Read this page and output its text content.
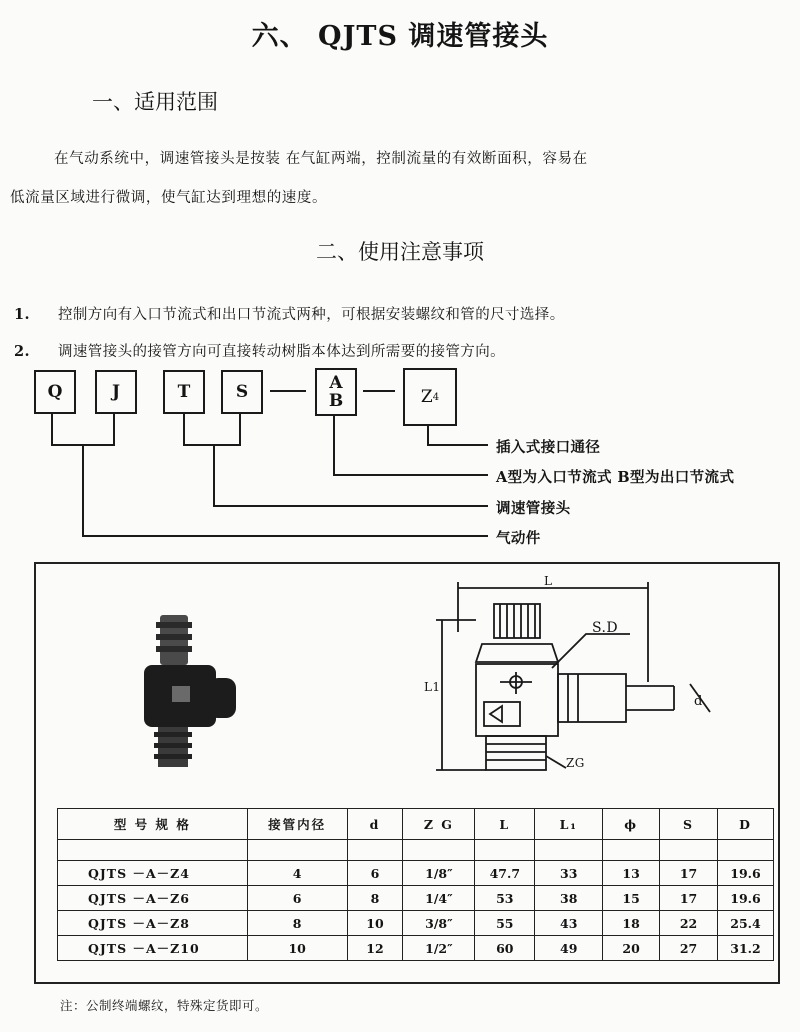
六、 QJTS 调速管接头
一、适用范围
在气动系统中，调速管接头是按装 在气缸两端，控制流量的有效断面积，容易在
低流量区域进行微调，使气缸达到理想的速度。
二、使用注意事项
1. 控制方向有入口节流式和出口节流式两种，可根据安装螺纹和管的尺寸选择。
2. 调速管接头的接管方向可直接转动树脂本体达到所需要的接管方向。
Q	J	T	S	A
B	Z 4
插入式接口通径
A型为入口节流式 B型为出口节流式
调速管接头
气动件
S.D
ZG
L1
L
d
型 号 规 格	接管内径	d	Z G	L	L₁	ϕ	S	D

QJTS －A－Z4	4	6	1/8″	47.7	33	13	17	19.6
QJTS －A－Z6	6	8	1/4″	53	38	15	17	19.6
QJTS －A－Z8	8	10	3/8″	55	43	18	22	25.4
QJTS －A－Z10	10	12	1/2″	60	49	20	27	31.2
注：公制终端螺纹，特殊定货即可。
